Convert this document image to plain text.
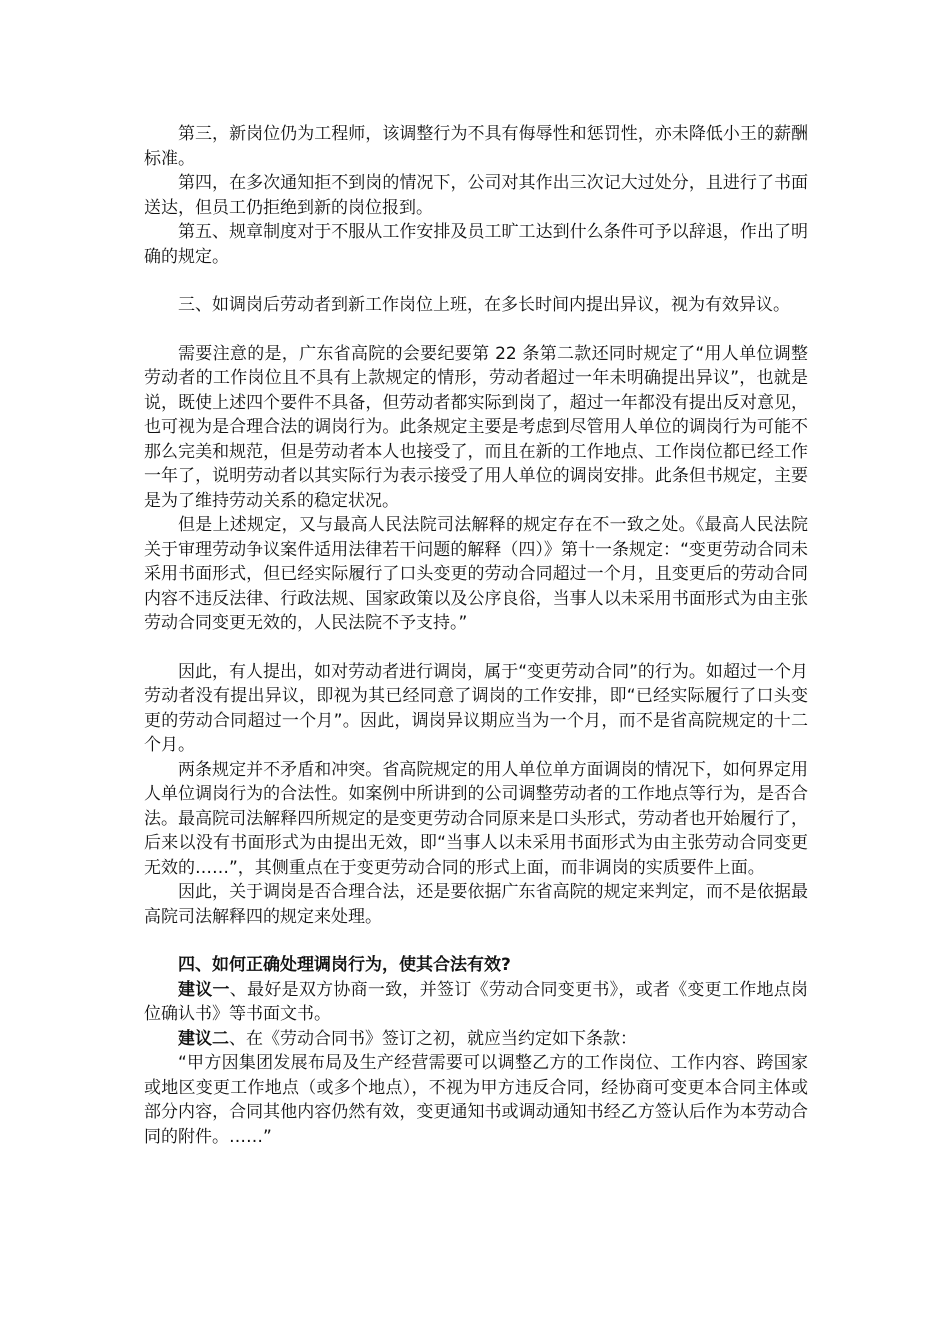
第三，新岗位仍为工程师，该调整行为不具有侮辱性和惩罚性，亦未降低小王的薪酬标准。

第四，在多次通知拒不到岗的情况下，公司对其作出三次记大过处分，且进行了书面送达，但员工仍拒绝到新的岗位报到。

第五、规章制度对于不服从工作安排及员工旷工达到什么条件可予以辞退，作出了明确的规定。

三、如调岗后劳动者到新工作岗位上班，在多长时间内提出异议，视为有效异议。

需要注意的是，广东省高院的会要纪要第 22 条第二款还同时规定了“用人单位调整劳动者的工作岗位且不具有上款规定的情形，劳动者超过一年未明确提出异议”，也就是说，既使上述四个要件不具备，但劳动者都实际到岗了，超过一年都没有提出反对意见，也可视为是合理合法的调岗行为。此条规定主要是考虑到尽管用人单位的调岗行为可能不那么完美和规范，但是劳动者本人也接受了，而且在新的工作地点、工作岗位都已经工作一年了，说明劳动者以其实际行为表示接受了用人单位的调岗安排。此条但书规定，主要是为了维持劳动关系的稳定状况。

但是上述规定，又与最高人民法院司法解释的规定存在不一致之处。《最高人民法院关于审理劳动争议案件适用法律若干问题的解释（四）》第十一条规定：“变更劳动合同未采用书面形式，但已经实际履行了口头变更的劳动合同超过一个月，且变更后的劳动合同内容不违反法律、行政法规、国家政策以及公序良俗，当事人以未采用书面形式为由主张劳动合同变更无效的，人民法院不予支持。”

因此，有人提出，如对劳动者进行调岗，属于“变更劳动合同”的行为。如超过一个月劳动者没有提出异议，即视为其已经同意了调岗的工作安排，即“已经实际履行了口头变更的劳动合同超过一个月”。因此，调岗异议期应当为一个月，而不是省高院规定的十二个月。

两条规定并不矛盾和冲突。省高院规定的用人单位单方面调岗的情况下，如何界定用人单位调岗行为的合法性。如案例中所讲到的公司调整劳动者的工作地点等行为，是否合法。最高院司法解释四所规定的是变更劳动合同原来是口头形式，劳动者也开始履行了，后来以没有书面形式为由提出无效，即“当事人以未采用书面形式为由主张劳动合同变更无效的……”，其侧重点在于变更劳动合同的形式上面，而非调岗的实质要件上面。

因此，关于调岗是否合理合法，还是要依据广东省高院的规定来判定，而不是依据最高院司法解释四的规定来处理。

四、如何正确处理调岗行为，使其合法有效?

建议一、最好是双方协商一致，并签订《劳动合同变更书》，或者《变更工作地点岗位确认书》等书面文书。

建议二、在《劳动合同书》签订之初，就应当约定如下条款：

“甲方因集团发展布局及生产经营需要可以调整乙方的工作岗位、工作内容、跨国家或地区变更工作地点（或多个地点），不视为甲方违反合同，经协商可变更本合同主体或部分内容，合同其他内容仍然有效，变更通知书或调动通知书经乙方签认后作为本劳动合同的附件。……”
